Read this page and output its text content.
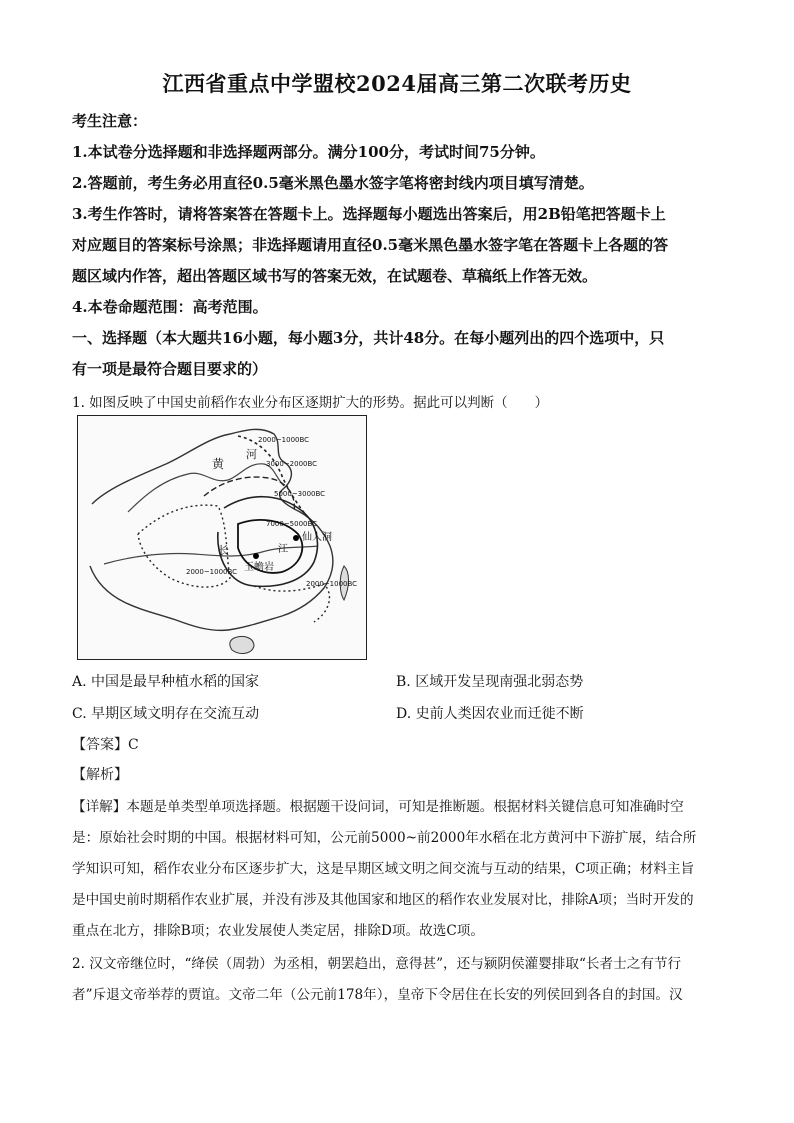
江西省重点中学盟校2024届高三第二次联考历史
考生注意：
1.本试卷分选择题和非选择题两部分。满分100分，考试时间75分钟。
2.答题前，考生务必用直径0.5毫米黑色墨水签字笔将密封线内项目填写清楚。
3.考生作答时，请将答案答在答题卡上。选择题每小题选出答案后，用2B铅笔把答题卡上
对应题目的答案标号涂黑；非选择题请用直径0.5毫米黑色墨水签字笔在答题卡上各题的答
题区域内作答，超出答题区域书写的答案无效，在试题卷、草稿纸上作答无效。
4.本卷命题范围：高考范围。
一、选择题（本大题共16小题，每小题3分，共计48分。在每小题列出的四个选项中，只
有一项是最符合题目要求的）
1. 如图反映了中国史前稻作农业分布区逐期扩大的形势。据此可以判断（　　）
黄
河
长	江
仙人洞
玉蟾岩
2000~1000BC
3000~2000BC
5000~3000BC
7000~5000BC
2000~1000BC
2000~1000BC
A. 中国是最早种植水稻的国家	B. 区域开发呈现南强北弱态势
C. 早期区域文明存在交流互动	D. 史前人类因农业而迁徙不断
【答案】C
【解析】
【详解】本题是单类型单项选择题。根据题干设问词，可知是推断题。根据材料关键信息可知准确时空
是：原始社会时期的中国。根据材料可知，公元前5000~前2000年水稻在北方黄河中下游扩展，结合所
学知识可知，稻作农业分布区逐步扩大，这是早期区域文明之间交流与互动的结果，C项正确；材料主旨
是中国史前时期稻作农业扩展，并没有涉及其他国家和地区的稻作农业发展对比，排除A项；当时开发的
重点在北方，排除B项；农业发展使人类定居，排除D项。故选C项。
2. 汉文帝继位时，“绛侯（周勃）为丞相，朝罢趋出，意得甚”，还与颍阴侯灌婴排取“长者士之有节行
者”斥退文帝举荐的贾谊。文帝二年（公元前178年），皇帝下令居住在长安的列侯回到各自的封国。汉
